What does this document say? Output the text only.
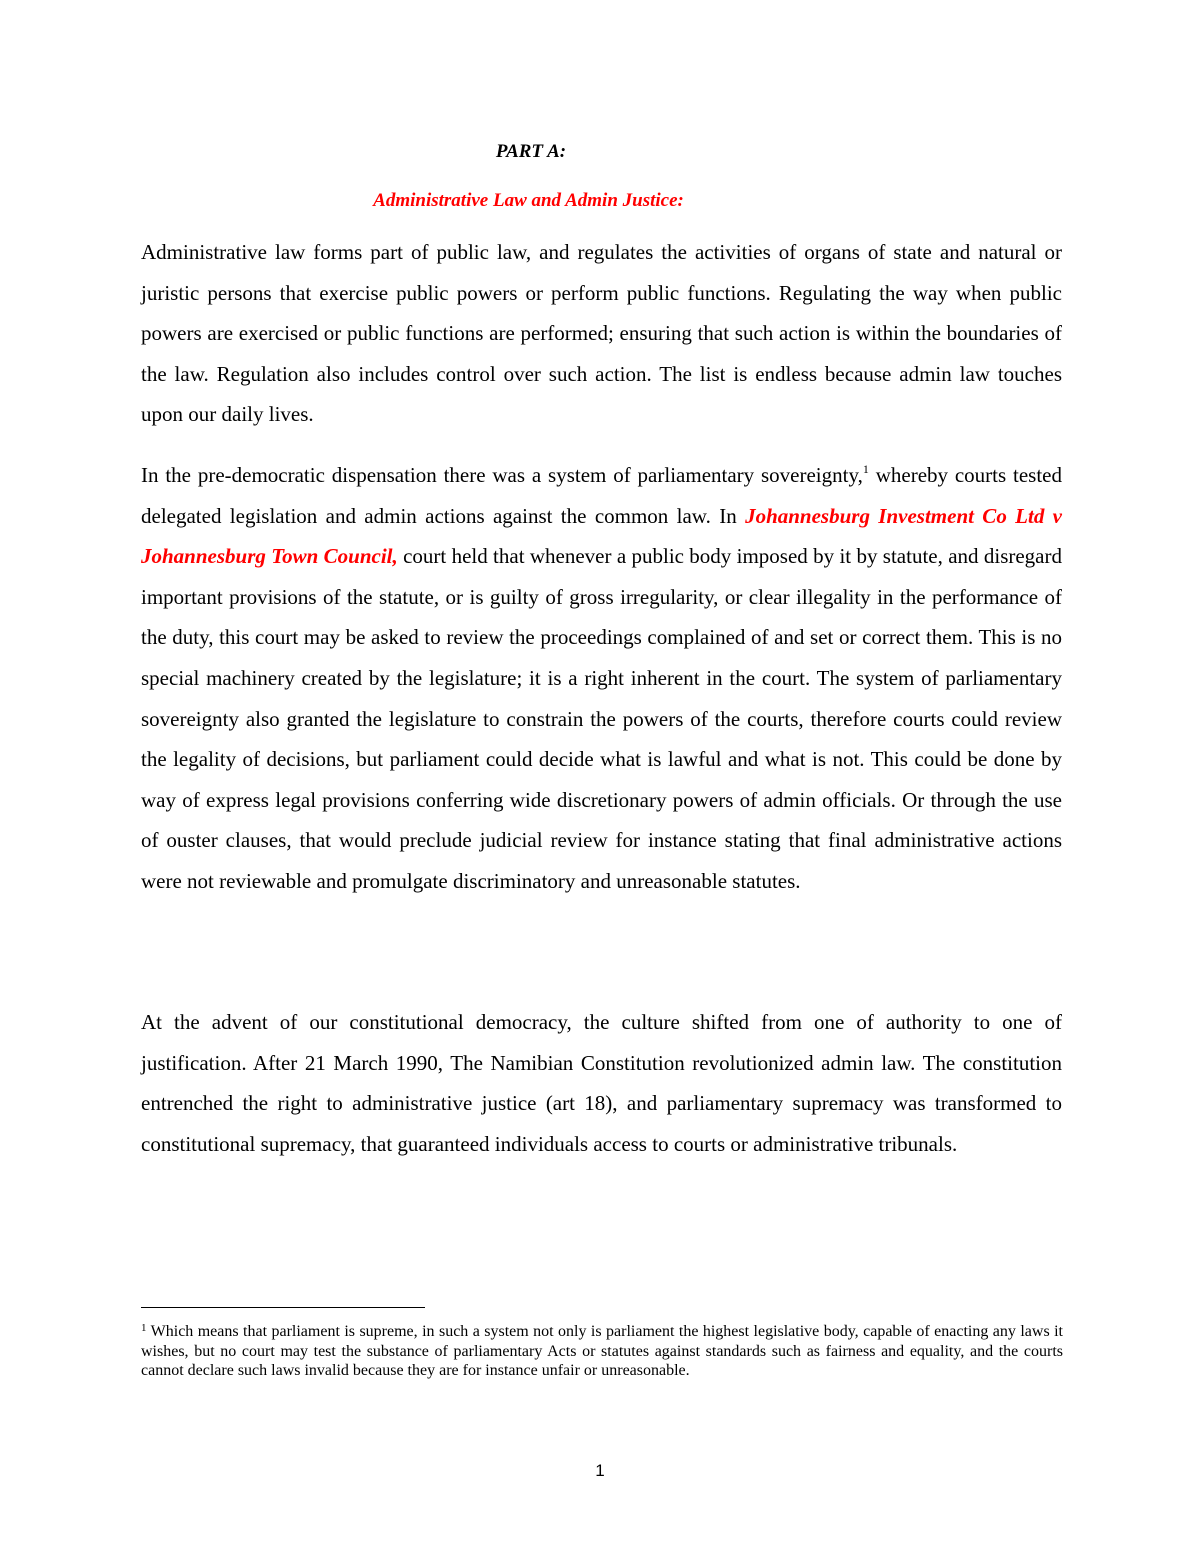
PART A:

Administrative Law and Admin Justice:

Administrative law forms part of public law, and regulates the activities of organs of state and natural or juristic persons that exercise public powers or perform public functions. Regulating the way when public powers are exercised or public functions are performed; ensuring that such action is within the boundaries of the law. Regulation also includes control over such action. The list is endless because admin law touches upon our daily lives.

In the pre-democratic dispensation there was a system of parliamentary sovereignty,$^1$ whereby courts tested delegated legislation and admin actions against the common law. In Johannesburg Investment Co Ltd v Johannesburg Town Council, court held that whenever a public body imposed by it by statute, and disregard important provisions of the statute, or is guilty of gross irregularity, or clear illegality in the performance of the duty, this court may be asked to review the proceedings complained of and set or correct them. This is no special machinery created by the legislature; it is a right inherent in the court. The system of parliamentary sovereignty also granted the legislature to constrain the powers of the courts, therefore courts could review the legality of decisions, but parliament could decide what is lawful and what is not. This could be done by way of express legal provisions conferring wide discretionary powers of admin officials. Or through the use of ouster clauses, that would preclude judicial review for instance stating that final administrative actions were not reviewable and promulgate discriminatory and unreasonable statutes.

At the advent of our constitutional democracy, the culture shifted from one of authority to one of justification. After 21 March 1990, The Namibian Constitution revolutionized admin law. The constitution entrenched the right to administrative justice (art 18), and parliamentary supremacy was transformed to constitutional supremacy, that guaranteed individuals access to courts or administrative tribunals.

$^1$ Which means that parliament is supreme, in such a system not only is parliament the highest legislative body, capable of enacting any laws it wishes, but no court may test the substance of parliamentary Acts or statutes against standards such as fairness and equality, and the courts cannot declare such laws invalid because they are for instance unfair or unreasonable.

1
